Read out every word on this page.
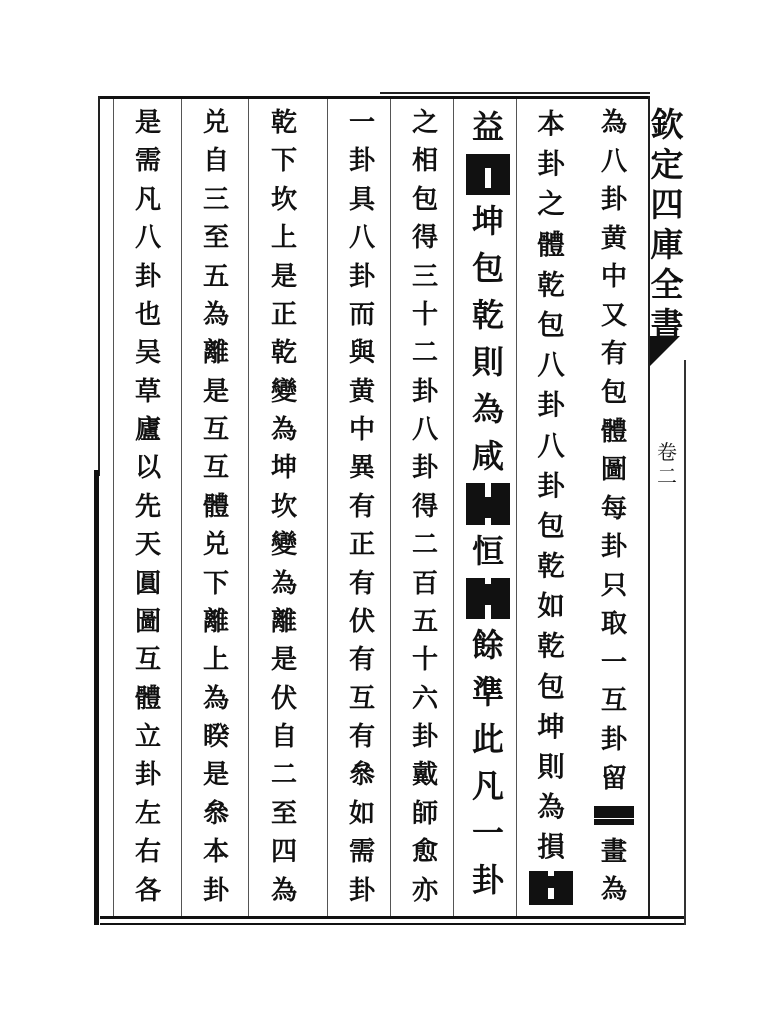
欽
定
四
庫
全
書
卷
二
為
八
卦
黄
中
又
有
包
體
圖
每
卦
只
取
一
互
卦
留
畫
為
本
卦
之
體
乾
包
八
卦
八
卦
包
乾
如
乾
包
坤
則
為
損
益
坤
包
乾
則
為
咸
恒
餘
準
此
凡
一
卦
之
相
包
得
三
十
二
卦
八
卦
得
二
百
五
十
六
卦
戴
師
愈
亦
一
卦
具
八
卦
而
與
黄
中
異
有
正
有
伏
有
互
有
叅
如
需
卦
乾
下
坎
上
是
正
乾
變
為
坤
坎
變
為
離
是
伏
自
二
至
四
為
兑
自
三
至
五
為
離
是
互
互
體
兑
下
離
上
為
睽
是
叅
本
卦
是
需
凡
八
卦
也
吴
草
廬
以
先
天
圓
圖
互
體
立
卦
左
右
各
